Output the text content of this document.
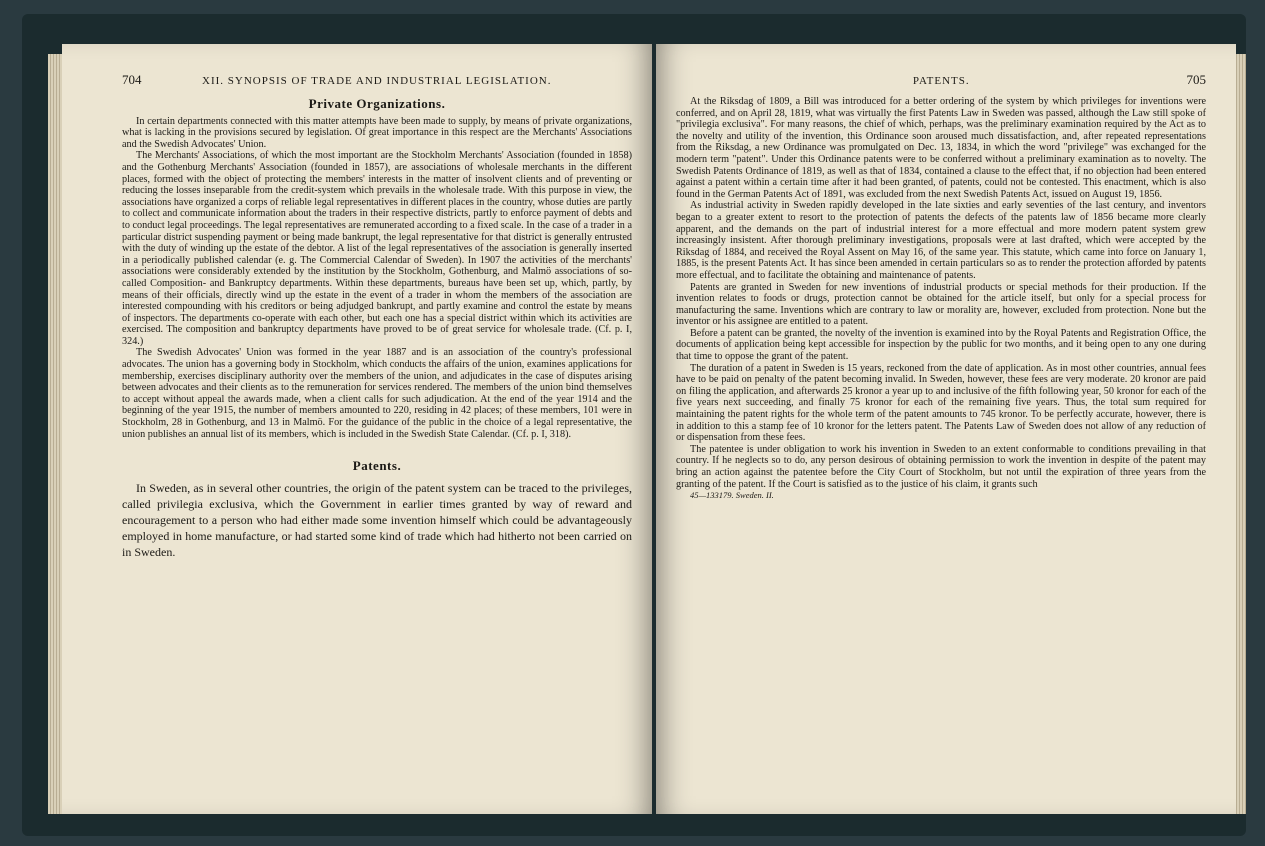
704	XII. SYNOPSIS OF TRADE AND INDUSTRIAL LEGISLATION.
Private Organizations.

In certain departments connected with this matter attempts have been made to supply, by means of private organizations, what is lacking in the provisions secured by legislation. Of great importance in this respect are the Merchants' Associations and the Swedish Advocates' Union.

The Merchants' Associations, of which the most important are the Stockholm Merchants' Association (founded in 1858) and the Gothenburg Merchants' Association (founded in 1857), are associations of wholesale merchants in the different places, formed with the object of protecting the members' interests in the matter of insolvent clients and of preventing or reducing the losses inseparable from the credit-system which prevails in the wholesale trade. With this purpose in view, the associations have organized a corps of reliable legal representatives in different places in the country, whose duties are partly to collect and communicate information about the traders in their respective districts, partly to enforce payment of debts and to conduct legal proceedings. The legal representatives are remunerated according to a fixed scale. In the case of a trader in a particular district suspending payment or being made bankrupt, the legal representative for that district is generally entrusted with the duty of winding up the estate of the debtor. A list of the legal representatives of the association is generally inserted in a periodically published calendar (e. g. The Commercial Calendar of Sweden). In 1907 the activities of the merchants' associations were considerably extended by the institution by the Stockholm, Gothenburg, and Malmö associations of so-called Composition- and Bankruptcy departments. Within these departments, bureaus have been set up, which, partly, by means of their officials, directly wind up the estate in the event of a trader in whom the members of the association are interested compounding with his creditors or being adjudged bankrupt, and partly examine and control the estate by means of inspectors. The departments co-operate with each other, but each one has a special district within which its activities are exercised. The composition and bankruptcy departments have proved to be of great service for wholesale trade. (Cf. p. I, 324.)

The Swedish Advocates' Union was formed in the year 1887 and is an association of the country's professional advocates. The union has a governing body in Stockholm, which conducts the affairs of the union, examines applications for membership, exercises disciplinary authority over the members of the union, and adjudicates in the case of disputes arising between advocates and their clients as to the remuneration for services rendered. The members of the union bind themselves to accept without appeal the awards made, when a client calls for such adjudication. At the end of the year 1914 and the beginning of the year 1915, the number of members amounted to 220, residing in 42 places; of these members, 101 were in Stockholm, 28 in Gothenburg, and 13 in Malmö. For the guidance of the public in the choice of a legal representative, the union publishes an annual list of its members, which is included in the Swedish State Calendar. (Cf. p. I, 318).

Patents.

In Sweden, as in several other countries, the origin of the patent system can be traced to the privileges, called privilegia exclusiva, which the Government in earlier times granted by way of reward and encouragement to a person who had either made some invention himself which could be advantageously employed in home manufacture, or had started some kind of trade which had hitherto not been carried on in Sweden.

PATENTS.	705

At the Riksdag of 1809, a Bill was introduced for a better ordering of the system by which privileges for inventions were conferred, and on April 28, 1819, what was virtually the first Patents Law in Sweden was passed, although the Law still spoke of "privilegia exclusiva". For many reasons, the chief of which, perhaps, was the preliminary examination required by the Act as to the novelty and utility of the invention, this Ordinance soon aroused much dissatisfaction, and, after repeated representations from the Riksdag, a new Ordinance was promulgated on Dec. 13, 1834, in which the word "privilege" was exchanged for the modern term "patent". Under this Ordinance patents were to be conferred without a preliminary examination as to novelty. The Swedish Patents Ordinance of 1819, as well as that of 1834, contained a clause to the effect that, if no objection had been entered against a patent within a certain time after it had been granted, of patents, could not be contested. This enactment, which is also found in the German Patents Act of 1891, was excluded from the next Swedish Patents Act, issued on August 19, 1856.

As industrial activity in Sweden rapidly developed in the late sixties and early seventies of the last century, and inventors began to a greater extent to resort to the protection of patents the defects of the patents law of 1856 became more clearly apparent, and the demands on the part of industrial interest for a more effectual and more modern patent system grew increasingly insistent. After thorough preliminary investigations, proposals were at last drafted, which were accepted by the Riksdag of 1884, and received the Royal Assent on May 16, of the same year. This statute, which came into force on January 1, 1885, is the present Patents Act. It has since been amended in certain particulars so as to render the protection afforded by patents more effectual, and to facilitate the obtaining and maintenance of patents.

Patents are granted in Sweden for new inventions of industrial products or special methods for their production. If the invention relates to foods or drugs, protection cannot be obtained for the article itself, but only for a special process for manufacturing the same. Inventions which are contrary to law or morality are, however, excluded from protection. None but the inventor or his assignee are entitled to a patent.

Before a patent can be granted, the novelty of the invention is examined into by the Royal Patents and Registration Office, the documents of application being kept accessible for inspection by the public for two months, and it being open to any one during that time to oppose the grant of the patent.

The duration of a patent in Sweden is 15 years, reckoned from the date of application. As in most other countries, annual fees have to be paid on penalty of the patent becoming invalid. In Sweden, however, these fees are very moderate. 20 kronor are paid on filing the application, and afterwards 25 kronor a year up to and inclusive of the fifth following year, 50 kronor for each of the five years next succeeding, and finally 75 kronor for each of the remaining five years. Thus, the total sum required for maintaining the patent rights for the whole term of the patent amounts to 745 kronor. To be perfectly accurate, however, there is in addition to this a stamp fee of 10 kronor for the letters patent. The Patents Law of Sweden does not allow of any reduction of or dispensation from these fees.

The patentee is under obligation to work his invention in Sweden to an extent conformable to conditions prevailing in that country. If he neglects so to do, any person desirous of obtaining permission to work the invention in despite of the patent may bring an action against the patentee before the City Court of Stockholm, but not until the expiration of three years from the granting of the patent. If the Court is satisfied as to the justice of his claim, it grants such

45—133179. Sweden. II.
